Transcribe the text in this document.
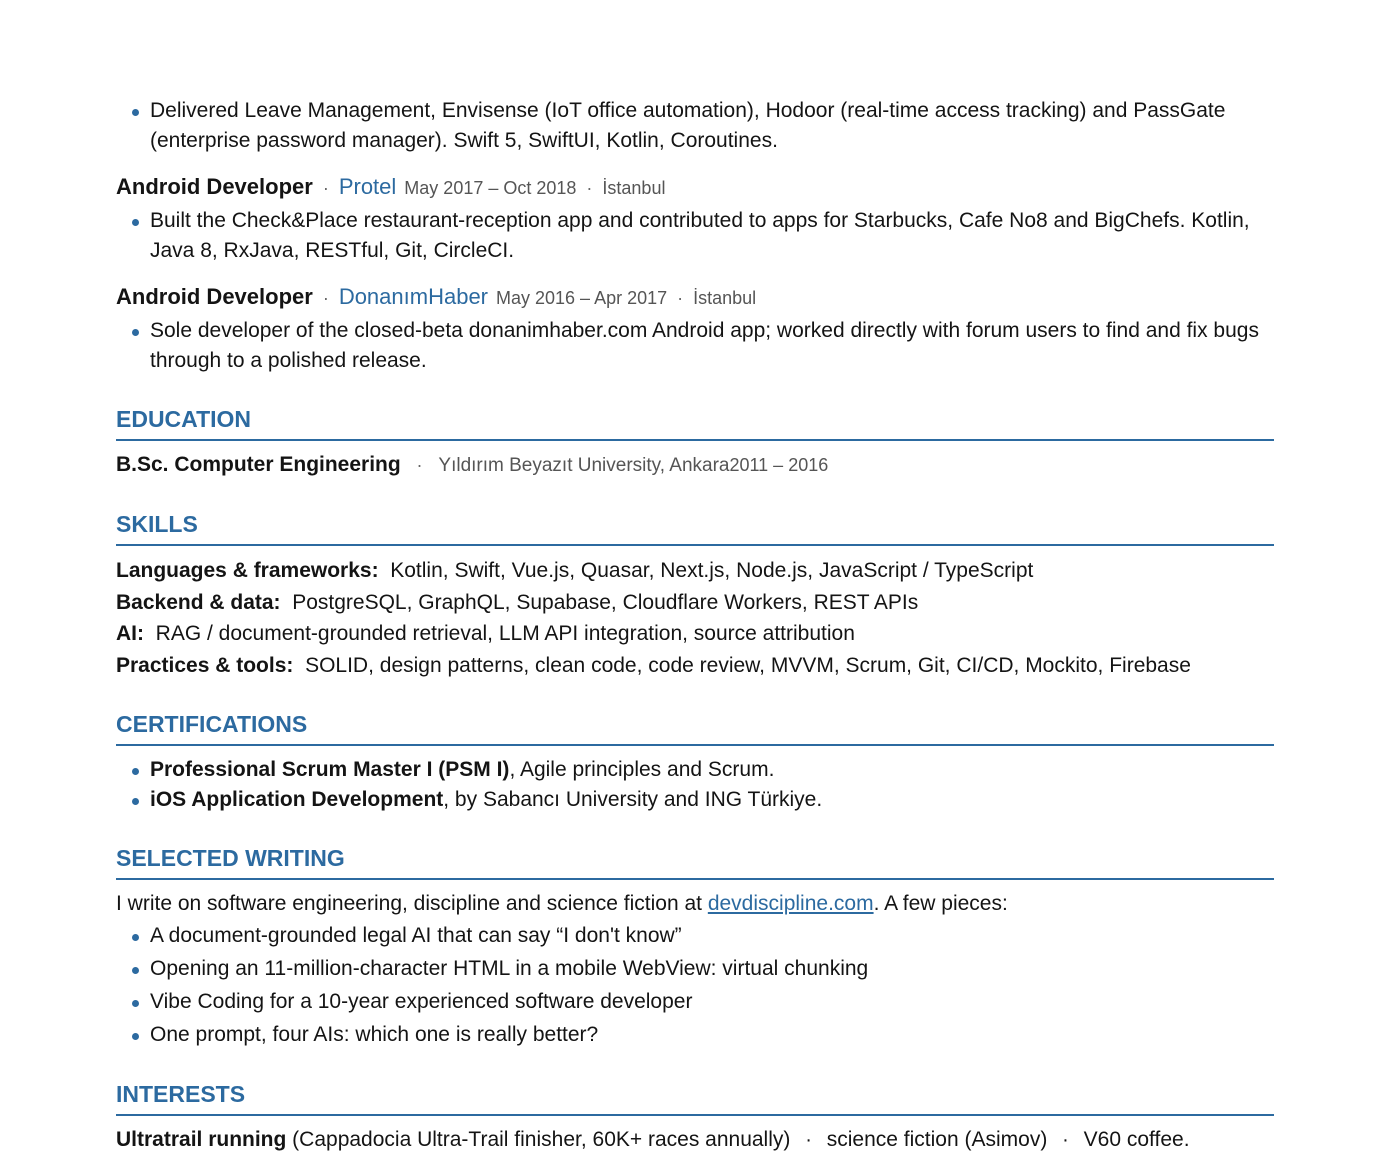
Delivered Leave Management, Envisense (IoT office automation), Hodoor (real-time access tracking) and PassGate (enterprise password manager). Swift 5, SwiftUI, Kotlin, Coroutines.
Android Developer · Protel May 2017 – Oct 2018 · İstanbul
Built the Check&Place restaurant-reception app and contributed to apps for Starbucks, Cafe No8 and BigChefs. Kotlin, Java 8, RxJava, RESTful, Git, CircleCI.
Android Developer · DonanımHaber May 2016 – Apr 2017 · İstanbul
Sole developer of the closed-beta donanimhaber.com Android app; worked directly with forum users to find and fix bugs through to a polished release.
EDUCATION
B.Sc. Computer Engineering · Yıldırım Beyazıt University, Ankara2011 – 2016
SKILLS
Languages & frameworks: Kotlin, Swift, Vue.js, Quasar, Next.js, Node.js, JavaScript / TypeScript
Backend & data: PostgreSQL, GraphQL, Supabase, Cloudflare Workers, REST APIs
AI: RAG / document-grounded retrieval, LLM API integration, source attribution
Practices & tools: SOLID, design patterns, clean code, code review, MVVM, Scrum, Git, CI/CD, Mockito, Firebase
CERTIFICATIONS
Professional Scrum Master I (PSM I), Agile principles and Scrum.
iOS Application Development, by Sabancı University and ING Türkiye.
SELECTED WRITING
I write on software engineering, discipline and science fiction at devdiscipline.com. A few pieces:
A document-grounded legal AI that can say “I don't know”
Opening an 11-million-character HTML in a mobile WebView: virtual chunking
Vibe Coding for a 10-year experienced software developer
One prompt, four AIs: which one is really better?
INTERESTS
Ultratrail running (Cappadocia Ultra-Trail finisher, 60K+ races annually) · science fiction (Asimov) · V60 coffee.
